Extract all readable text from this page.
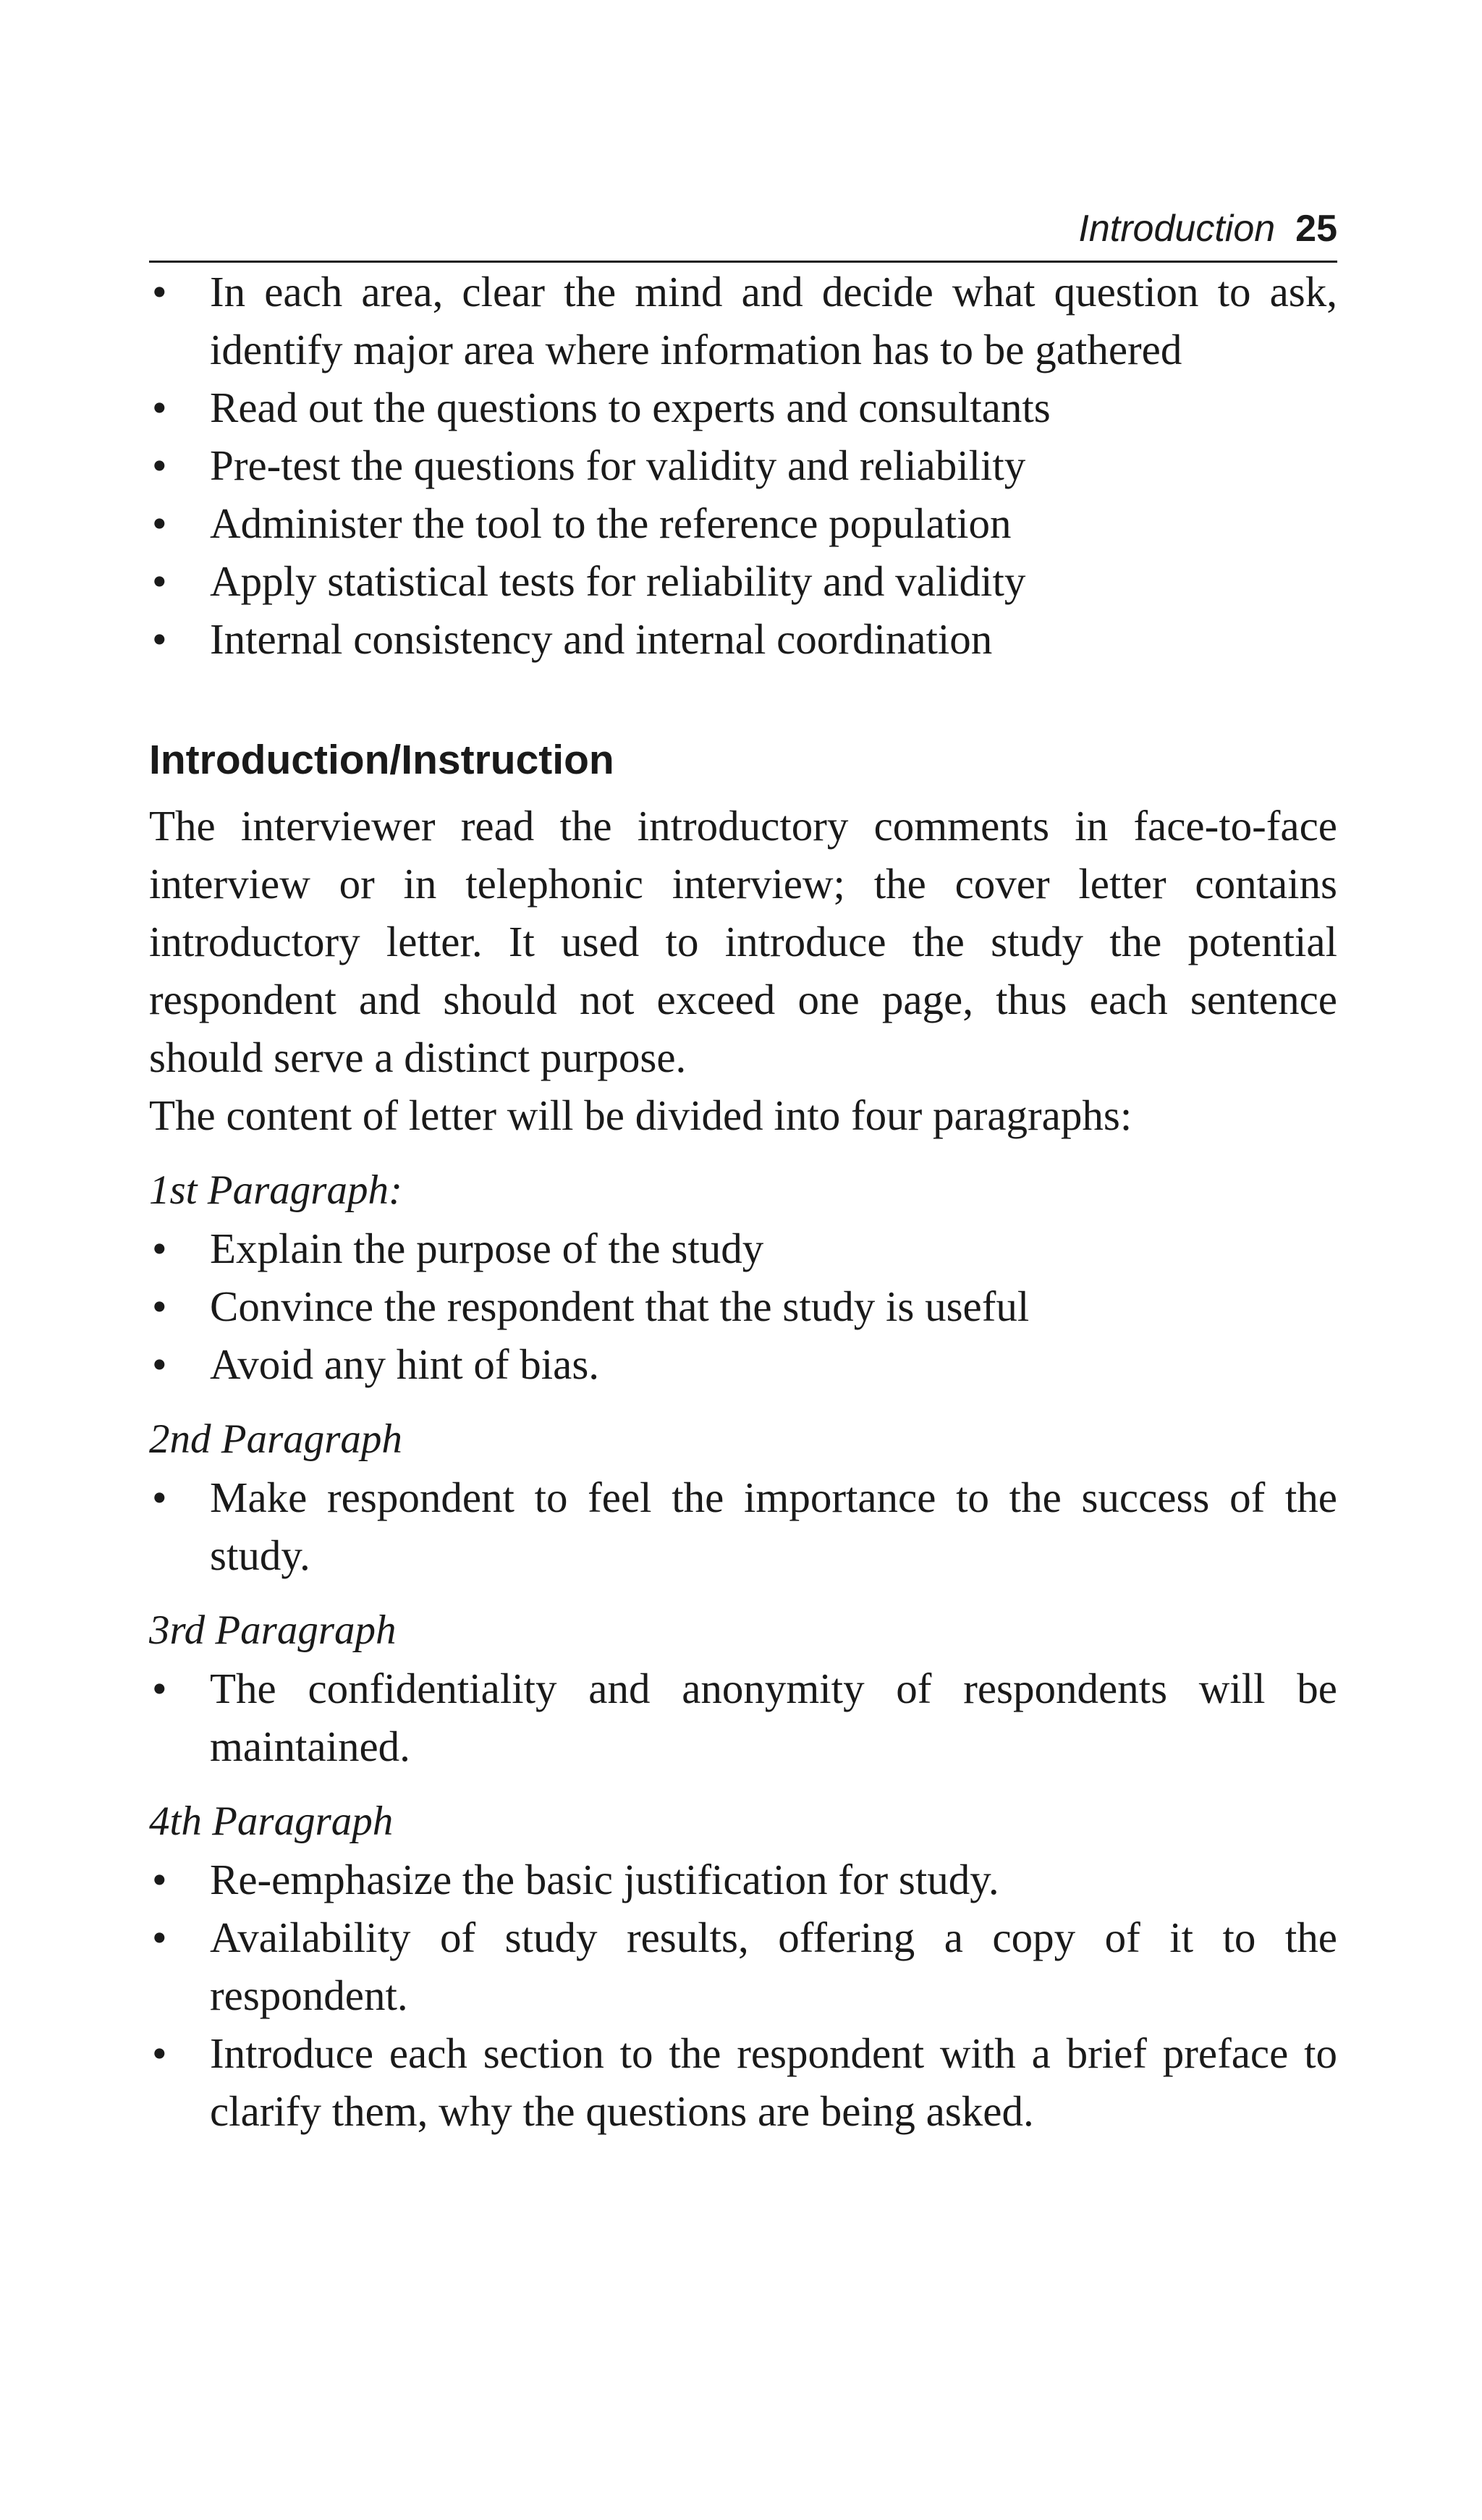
Introduction 25
• In each area, clear the mind and decide what question to ask, identify major area where information has to be gathered
• Read out the questions to experts and consultants
• Pre-test the questions for validity and reliability
• Administer the tool to the reference population
• Apply statistical tests for reliability and validity
• Internal consistency and internal coordination
Introduction/Instruction

The interviewer read the introductory comments in face-to-face interview or in telephonic interview; the cover letter contains introductory letter. It used to introduce the study the potential respondent and should not exceed one page, thus each sentence should serve a distinct purpose.

The content of letter will be divided into four paragraphs:

1st Paragraph:

• Explain the purpose of the study
• Convince the respondent that the study is useful
• Avoid any hint of bias.

2nd Paragraph

• Make respondent to feel the importance to the success of the study.

3rd Paragraph

• The confidentiality and anonymity of respondents will be maintained.

4th Paragraph

• Re-emphasize the basic justification for study.
• Availability of study results, offering a copy of it to the respondent.
• Introduce each section to the respondent with a brief preface to clarify them, why the questions are being asked.
